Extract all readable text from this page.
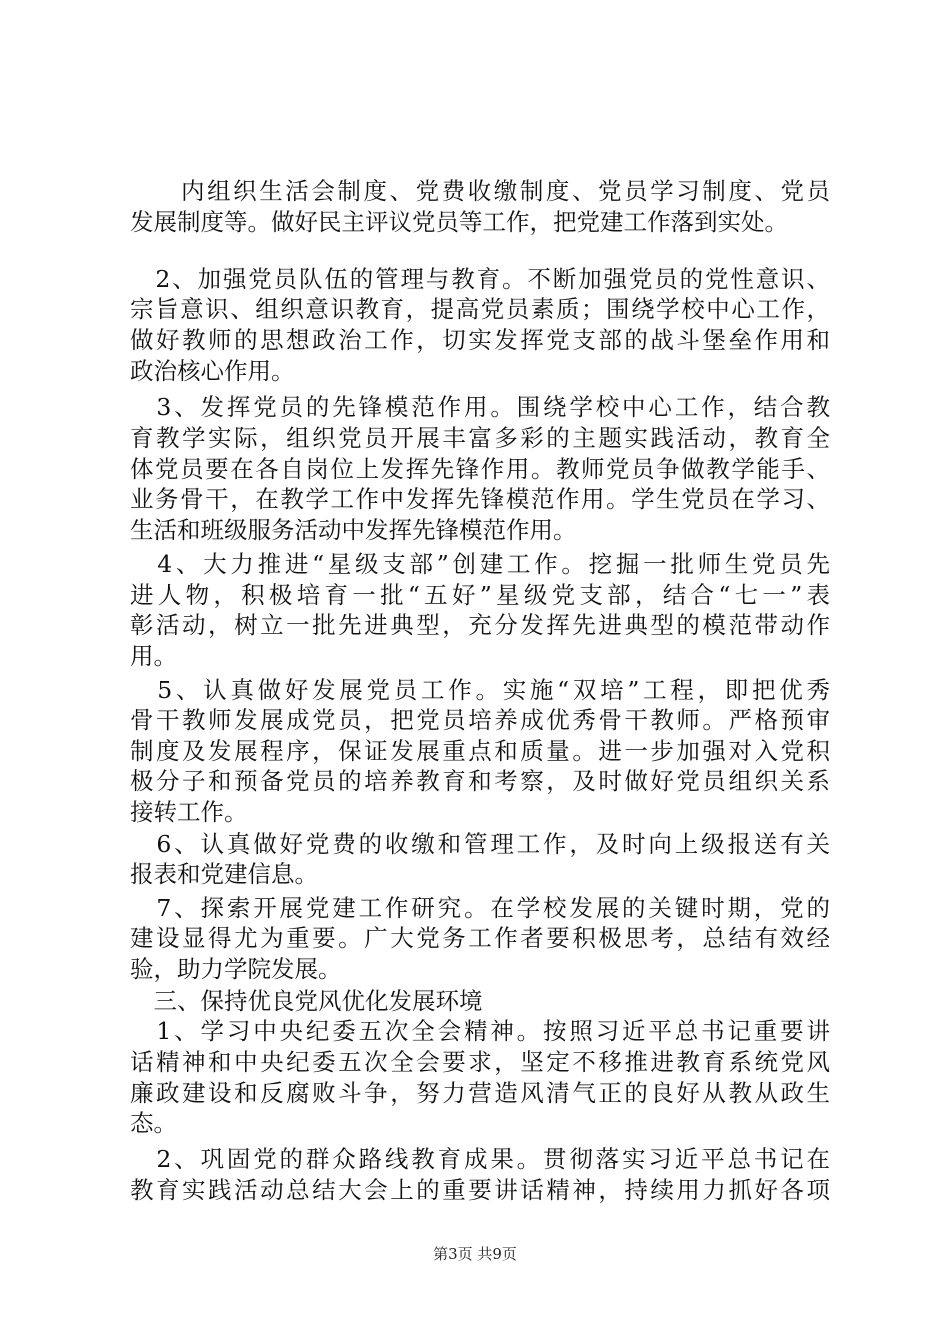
　内组织生活会制度、党费收缴制度、党员学习制度、党员
发展制度等。做好民主评议党员等工作，把党建工作落到实处。
　2、加强党员队伍的管理与教育。不断加强党员的党性意识、
宗旨意识、组织意识教育，提高党员素质；围绕学校中心工作，
做好教师的思想政治工作，切实发挥党支部的战斗堡垒作用和
政治核心作用。
　3、发挥党员的先锋模范作用。围绕学校中心工作，结合教
育教学实际，组织党员开展丰富多彩的主题实践活动，教育全
体党员要在各自岗位上发挥先锋作用。教师党员争做教学能手、
业务骨干，在教学工作中发挥先锋模范作用。学生党员在学习、
生活和班级服务活动中发挥先锋模范作用。
　4、大力推进“星级支部”创建工作。挖掘一批师生党员先
进人物，积极培育一批“五好”星级党支部，结合“七一”表
彰活动，树立一批先进典型，充分发挥先进典型的模范带动作
用。
　5、认真做好发展党员工作。实施“双培”工程，即把优秀
骨干教师发展成党员，把党员培养成优秀骨干教师。严格预审
制度及发展程序，保证发展重点和质量。进一步加强对入党积
极分子和预备党员的培养教育和考察，及时做好党员组织关系
接转工作。
　6、认真做好党费的收缴和管理工作，及时向上级报送有关
报表和党建信息。
　7、探索开展党建工作研究。在学校发展的关键时期，党的
建设显得尤为重要。广大党务工作者要积极思考，总结有效经
验，助力学院发展。
　三、保持优良党风优化发展环境
　1、学习中央纪委五次全会精神。按照习近平总书记重要讲
话精神和中央纪委五次全会要求，坚定不移推进教育系统党风
廉政建设和反腐败斗争，努力营造风清气正的良好从教从政生
态。
　2、巩固党的群众路线教育成果。贯彻落实习近平总书记在
教育实践活动总结大会上的重要讲话精神，持续用力抓好各项
第3页 共9页
